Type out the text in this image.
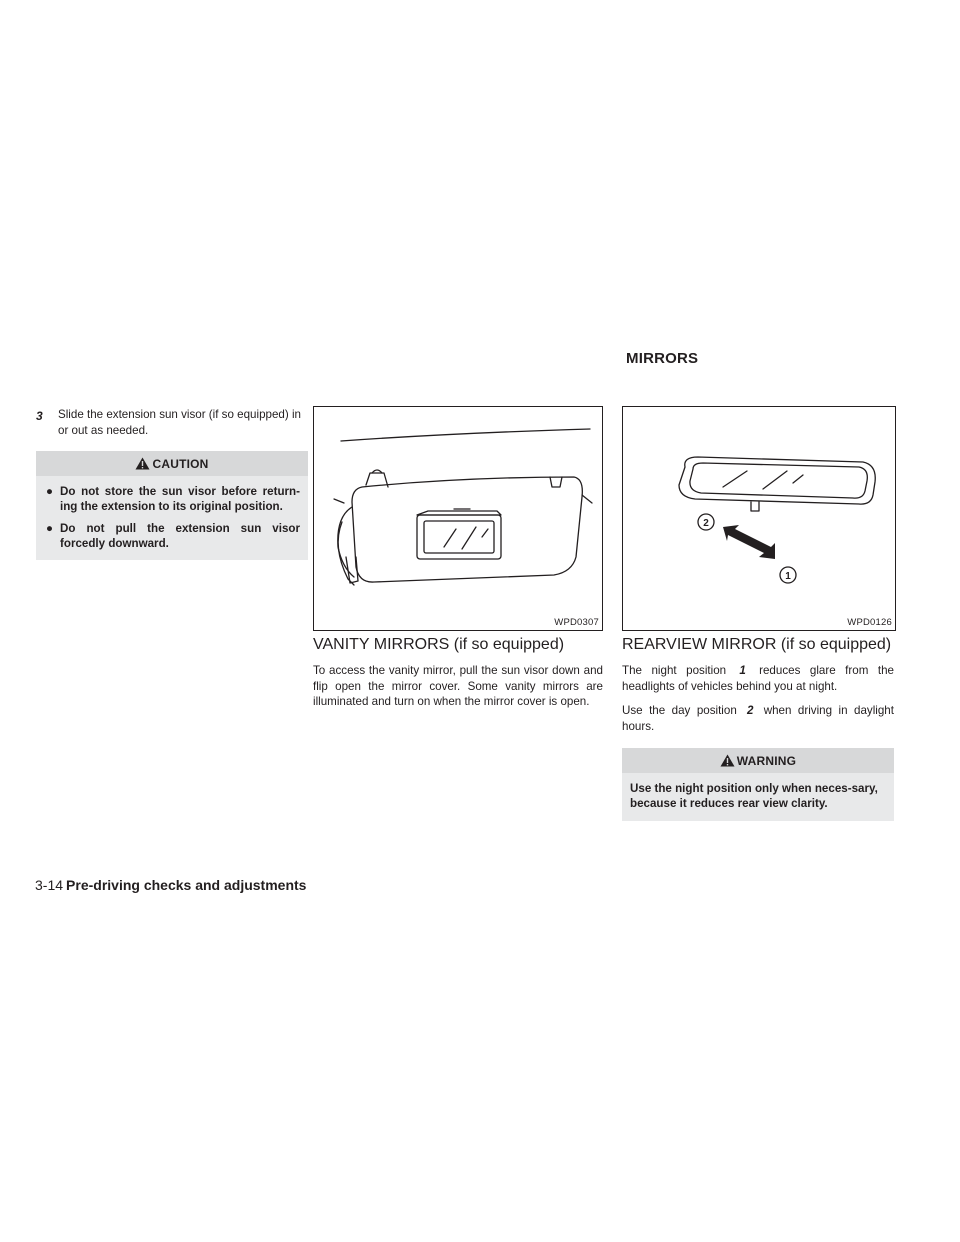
MIRRORS
3 Slide the extension sun visor (if so equipped) in or out as needed.
CAUTION
● Do not store the sun visor before return-ing the extension to its original position.
● Do not pull the extension sun visor forcedly downward.
WPD0307
VANITY MIRRORS (if so equipped)
To access the vanity mirror, pull the sun visor down and flip open the mirror cover. Some vanity mirrors are illuminated and turn on when the mirror cover is open.
2
1
WPD0126
REARVIEW MIRROR (if so equipped)
The night position 1 reduces glare from the headlights of vehicles behind you at night.
Use the day position 2 when driving in daylight hours.
WARNING
Use the night position only when neces-sary, because it reduces rear view clarity.
3-14 Pre-driving checks and adjustments
